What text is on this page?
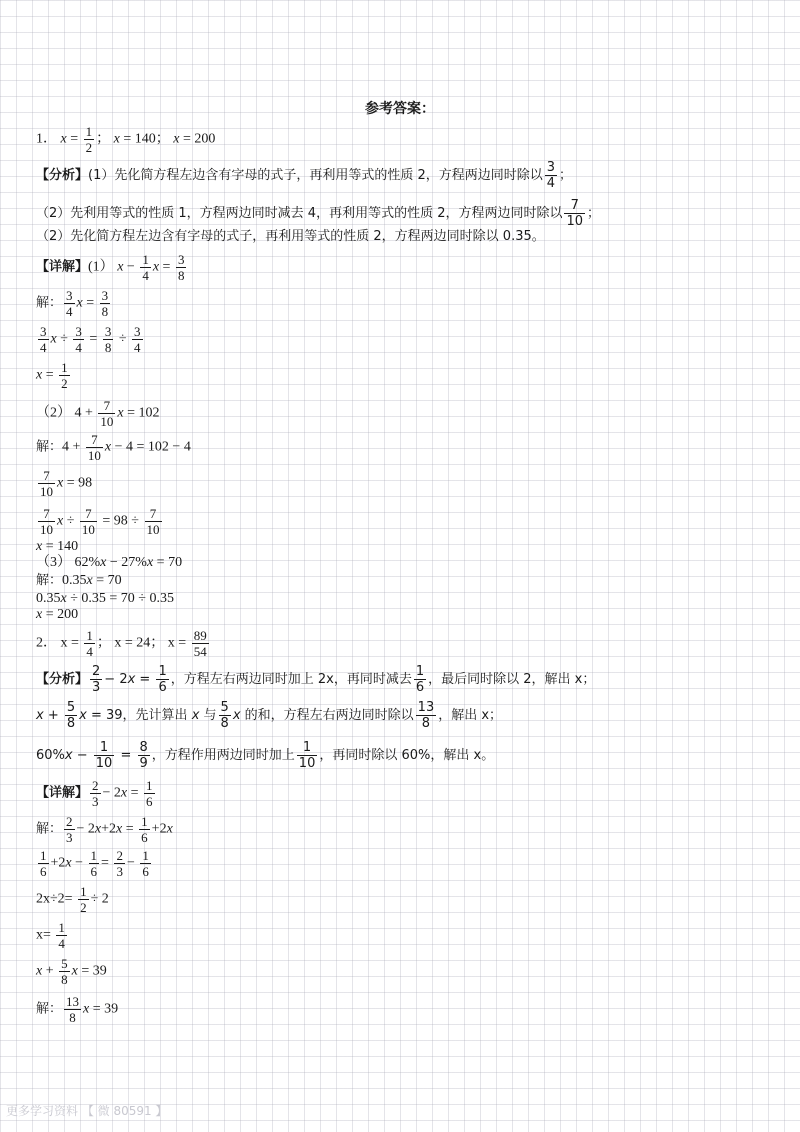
参考答案：
1． $x = \frac{1}{2}$ ； x = 140； x = 200
【分析】(1）先化简方程左边含有字母的式子，再利用等式的性质 2，方程两边同时除以 $\frac{3}{4}$ ；
（2）先利用等式的性质 1，方程两边同时减去 4，再利用等式的性质 2，方程两边同时除以 $\frac{7}{10}$ ；
（2）先化简方程左边含有字母的式子，再利用等式的性质 2，方程两边同时除以 0.35。
【详解】(1） $x - \frac{1}{4}$ $x = \frac{3}{8}$
解： $\frac{3}{4}$ $x = \frac{3}{8}$
$\frac{3}{4}$ $x \div \frac{3}{4} = \frac{3}{8} \div \frac{3}{4}$
$x = \frac{1}{2}$
（2） $4 + \frac{7}{10}$ x = 102
解：$4 + \frac{7}{10}$ x − 4 = 102 − 4
$\frac{7}{10}$ x = 98
$\frac{7}{10}$ $x \div \frac{7}{10} = 98 \div \frac{7}{10}$
x = 140
（3） 62%x − 27%x = 70
解：0.35x = 70
0.35x ÷ 0.35 = 70 ÷ 0.35
x = 200
2． $x = \frac{1}{4}$ ； x = 24； $x = \frac{89}{54}$
【分析】 $\frac{2}{3} - 2x = \frac{1}{6}$ ，方程左右两边同时加上 2x，再同时减去 $\frac{1}{6}$ ，最后同时除以 2，解出 x；
$x + \frac{5}{8}$ x = 39，先计算出 x 与 $\frac{5}{8}$ x 的和，方程左右两边同时除以 $\frac{13}{8}$ ，解出 x；
$60\%x - \frac{1}{10} = \frac{8}{9}$ ，方程作用两边同时加上 $\frac{1}{10}$ ，再同时除以 60%，解出 x。
【详解】 $\frac{2}{3} - 2x = \frac{1}{6}$
解： $\frac{2}{3} - 2x+2x = \frac{1}{6} +2x$
$\frac{1}{6} +2x - \frac{1}{6} = \frac{2}{3} - \frac{1}{6}$
$2x\div 2= \frac{1}{2} \div 2$
$x= \frac{1}{4}$
$x + \frac{5}{8}$ x = 39
解： $\frac{13}{8}$ x = 39
更多学习资料 【 微 80591 】
